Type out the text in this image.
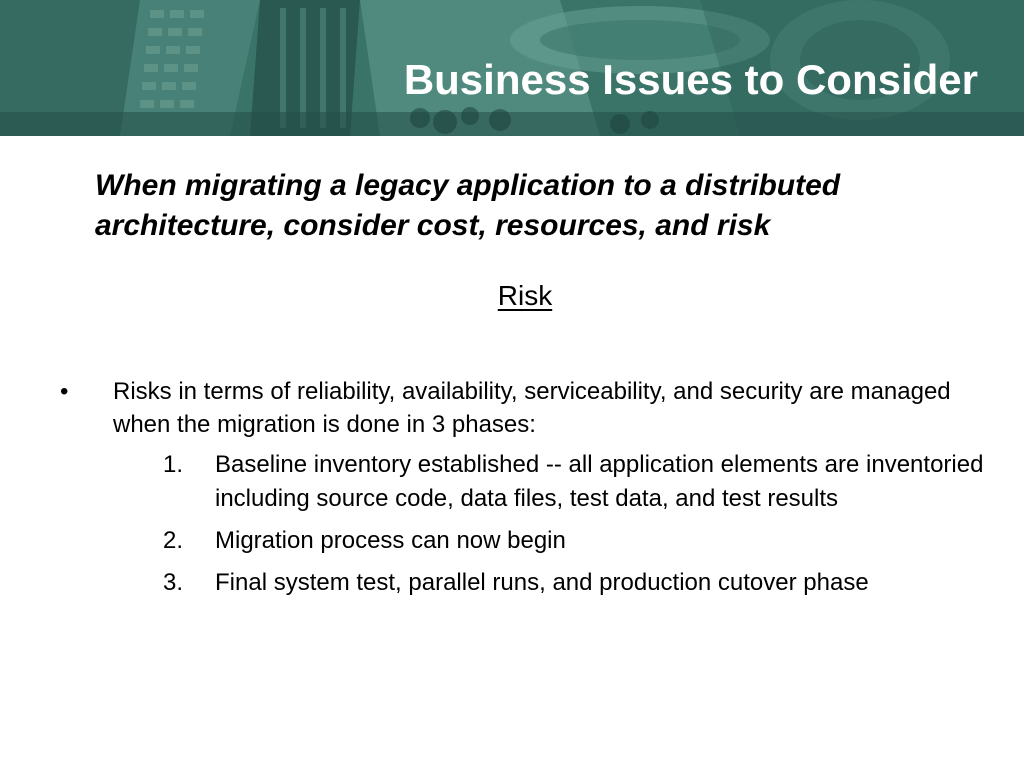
Business Issues to Consider

When migrating a legacy application to a distributed architecture, consider cost, resources, and risk

Risk
• Risks in terms of reliability, availability, serviceability, and security are managed when the migration is done in 3 phases:

1. Baseline inventory established -- all application elements are inventoried including source code, data files, test data, and test results
2. Migration process can now begin
3. Final system test, parallel runs, and production cutover phase
